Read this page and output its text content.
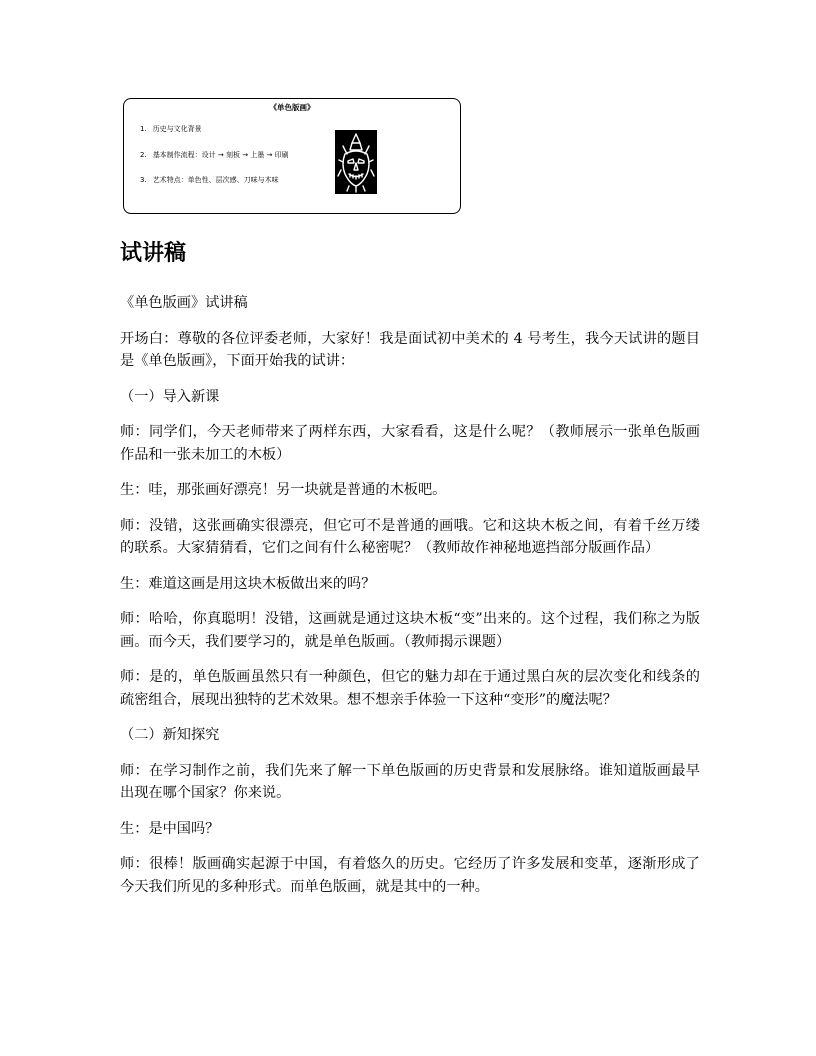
《单色版画》
1. 历史与文化背景
2. 基本制作流程：设计 → 刻板 → 上墨 → 印刷
3. 艺术特点：单色性、层次感、刀味与木味
试讲稿

《单色版画》试讲稿

开场白：尊敬的各位评委老师，大家好！我是面试初中美术的 4 号考生，我今天试讲的题目是《单色版画》，下面开始我的试讲：

（一）导入新课

师：同学们，今天老师带来了两样东西，大家看看，这是什么呢？（教师展示一张单色版画作品和一张未加工的木板）

生：哇，那张画好漂亮！另一块就是普通的木板吧。

师：没错，这张画确实很漂亮，但它可不是普通的画哦。它和这块木板之间，有着千丝万缕的联系。大家猜猜看，它们之间有什么秘密呢？（教师故作神秘地遮挡部分版画作品）

生：难道这画是用这块木板做出来的吗？

师：哈哈，你真聪明！没错，这画就是通过这块木板“变”出来的。这个过程，我们称之为版画。而今天，我们要学习的，就是单色版画。（教师揭示课题）

师：是的，单色版画虽然只有一种颜色，但它的魅力却在于通过黑白灰的层次变化和线条的疏密组合，展现出独特的艺术效果。想不想亲手体验一下这种“变形”的魔法呢？

（二）新知探究

师：在学习制作之前，我们先来了解一下单色版画的历史背景和发展脉络。谁知道版画最早出现在哪个国家？你来说。

生：是中国吗？

师：很棒！版画确实起源于中国，有着悠久的历史。它经历了许多发展和变革，逐渐形成了今天我们所见的多种形式。而单色版画，就是其中的一种。
